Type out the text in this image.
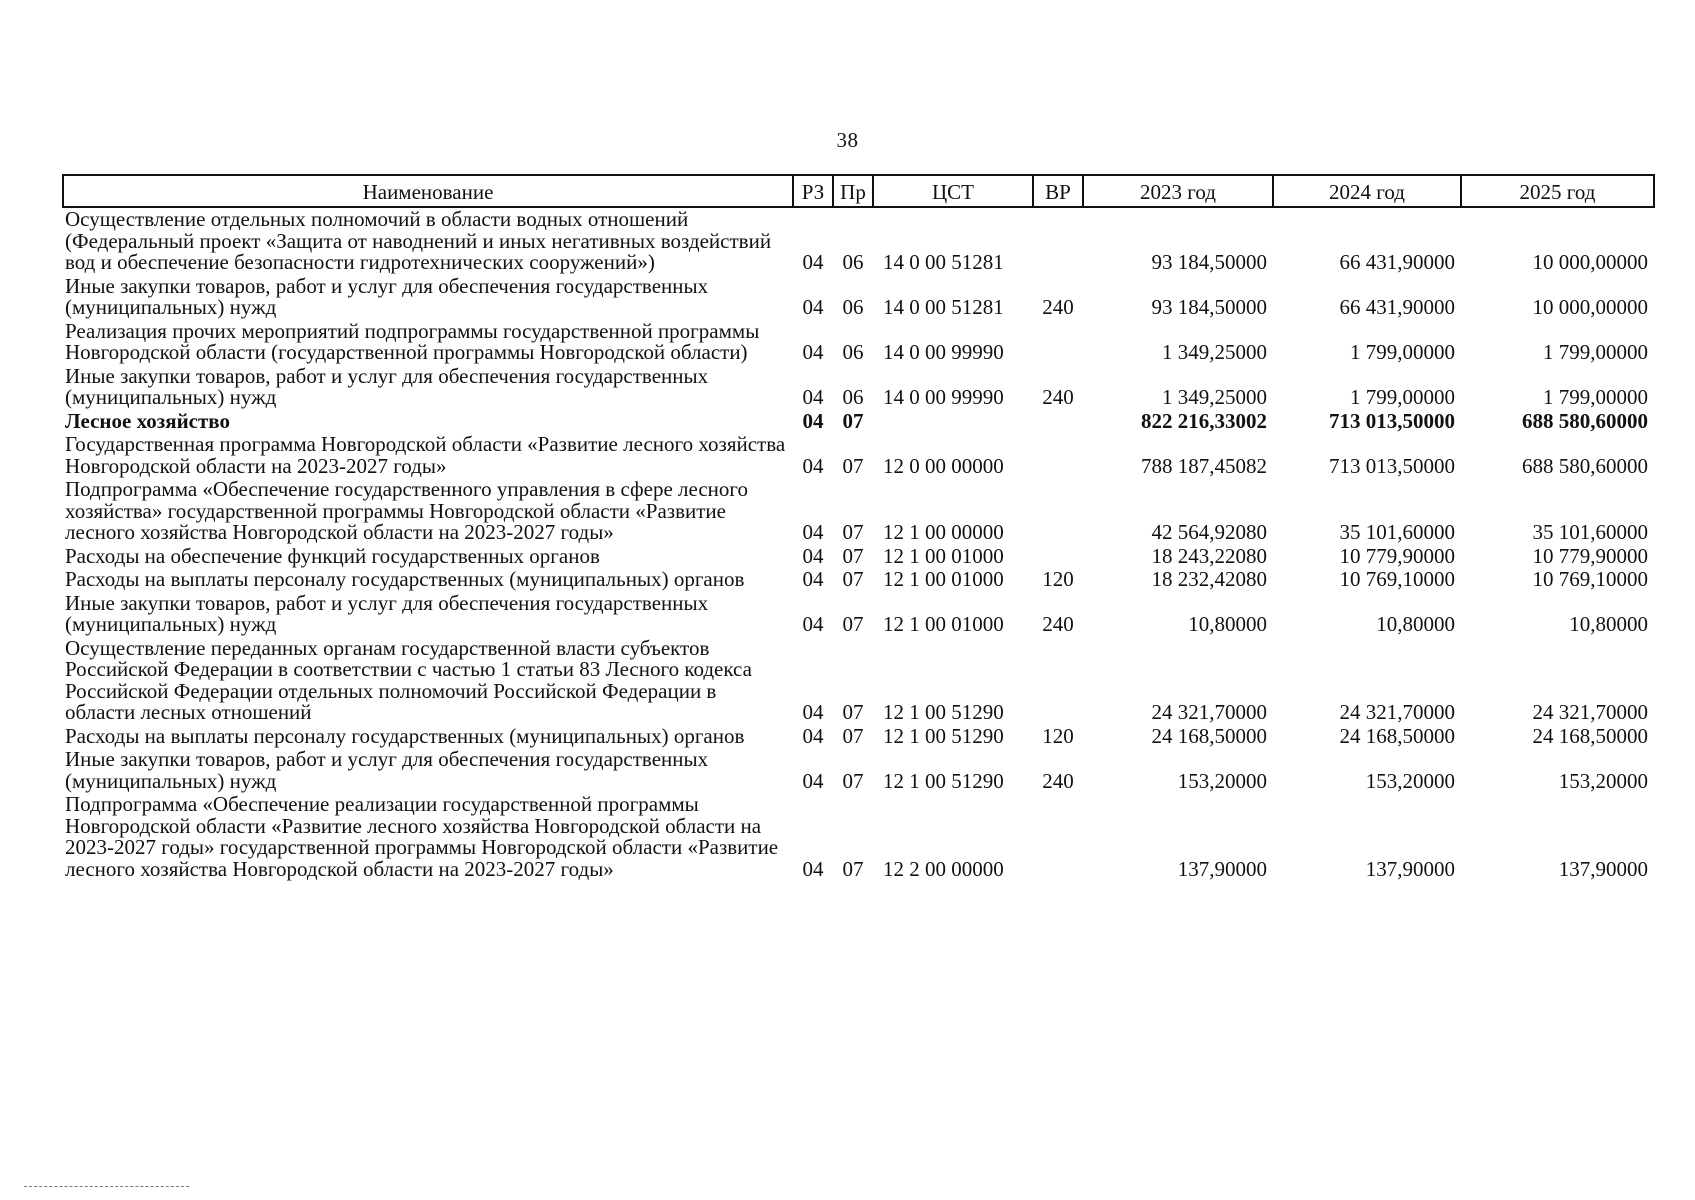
38
Наименование	РЗ	Пр	ЦСТ	ВР	2023 год	2024 год	2025 год
Осуществление отдельных полномочий в области водных отношений (Федеральный проект «Защита от наводнений и иных негативных воздействий вод и обеспечение безопасности гидротехнических сооружений»)	04	06	14 0 00 51281		93 184,50000	66 431,90000	10 000,00000
Иные закупки товаров, работ и услуг для обеспечения государственных (муниципальных) нужд	04	06	14 0 00 51281	240	93 184,50000	66 431,90000	10 000,00000
Реализация прочих мероприятий подпрограммы государственной программы Новгородской области (государственной программы Новгородской области)	04	06	14 0 00 99990		1 349,25000	1 799,00000	1 799,00000
Иные закупки товаров, работ и услуг для обеспечения государственных (муниципальных) нужд	04	06	14 0 00 99990	240	1 349,25000	1 799,00000	1 799,00000
Лесное хозяйство	04	07			822 216,33002	713 013,50000	688 580,60000
Государственная программа Новгородской области «Развитие лесного хозяйства Новгородской области на 2023-2027 годы»	04	07	12 0 00 00000		788 187,45082	713 013,50000	688 580,60000
Подпрограмма «Обеспечение государственного управления в сфере лесного хозяйства» государственной программы Новгородской области «Развитие лесного хозяйства Новгородской области на 2023-2027 годы»	04	07	12 1 00 00000		42 564,92080	35 101,60000	35 101,60000
Расходы на обеспечение функций государственных органов	04	07	12 1 00 01000		18 243,22080	10 779,90000	10 779,90000
Расходы на выплаты персоналу государственных (муниципальных) органов	04	07	12 1 00 01000	120	18 232,42080	10 769,10000	10 769,10000
Иные закупки товаров, работ и услуг для обеспечения государственных (муниципальных) нужд	04	07	12 1 00 01000	240	10,80000	10,80000	10,80000
Осуществление переданных органам государственной власти субъектов Российской Федерации в соответствии с частью 1 статьи 83 Лесного кодекса Российской Федерации отдельных полномочий Российской Федерации в области лесных отношений	04	07	12 1 00 51290		24 321,70000	24 321,70000	24 321,70000
Расходы на выплаты персоналу государственных (муниципальных) органов	04	07	12 1 00 51290	120	24 168,50000	24 168,50000	24 168,50000
Иные закупки товаров, работ и услуг для обеспечения государственных (муниципальных) нужд	04	07	12 1 00 51290	240	153,20000	153,20000	153,20000
Подпрограмма «Обеспечение реализации государственной программы Новгородской области «Развитие лесного хозяйства Новгородской области на 2023-2027 годы» государственной программы Новгородской области «Развитие лесного хозяйства Новгородской области на 2023-2027 годы»	04	07	12 2 00 00000		137,90000	137,90000	137,90000
